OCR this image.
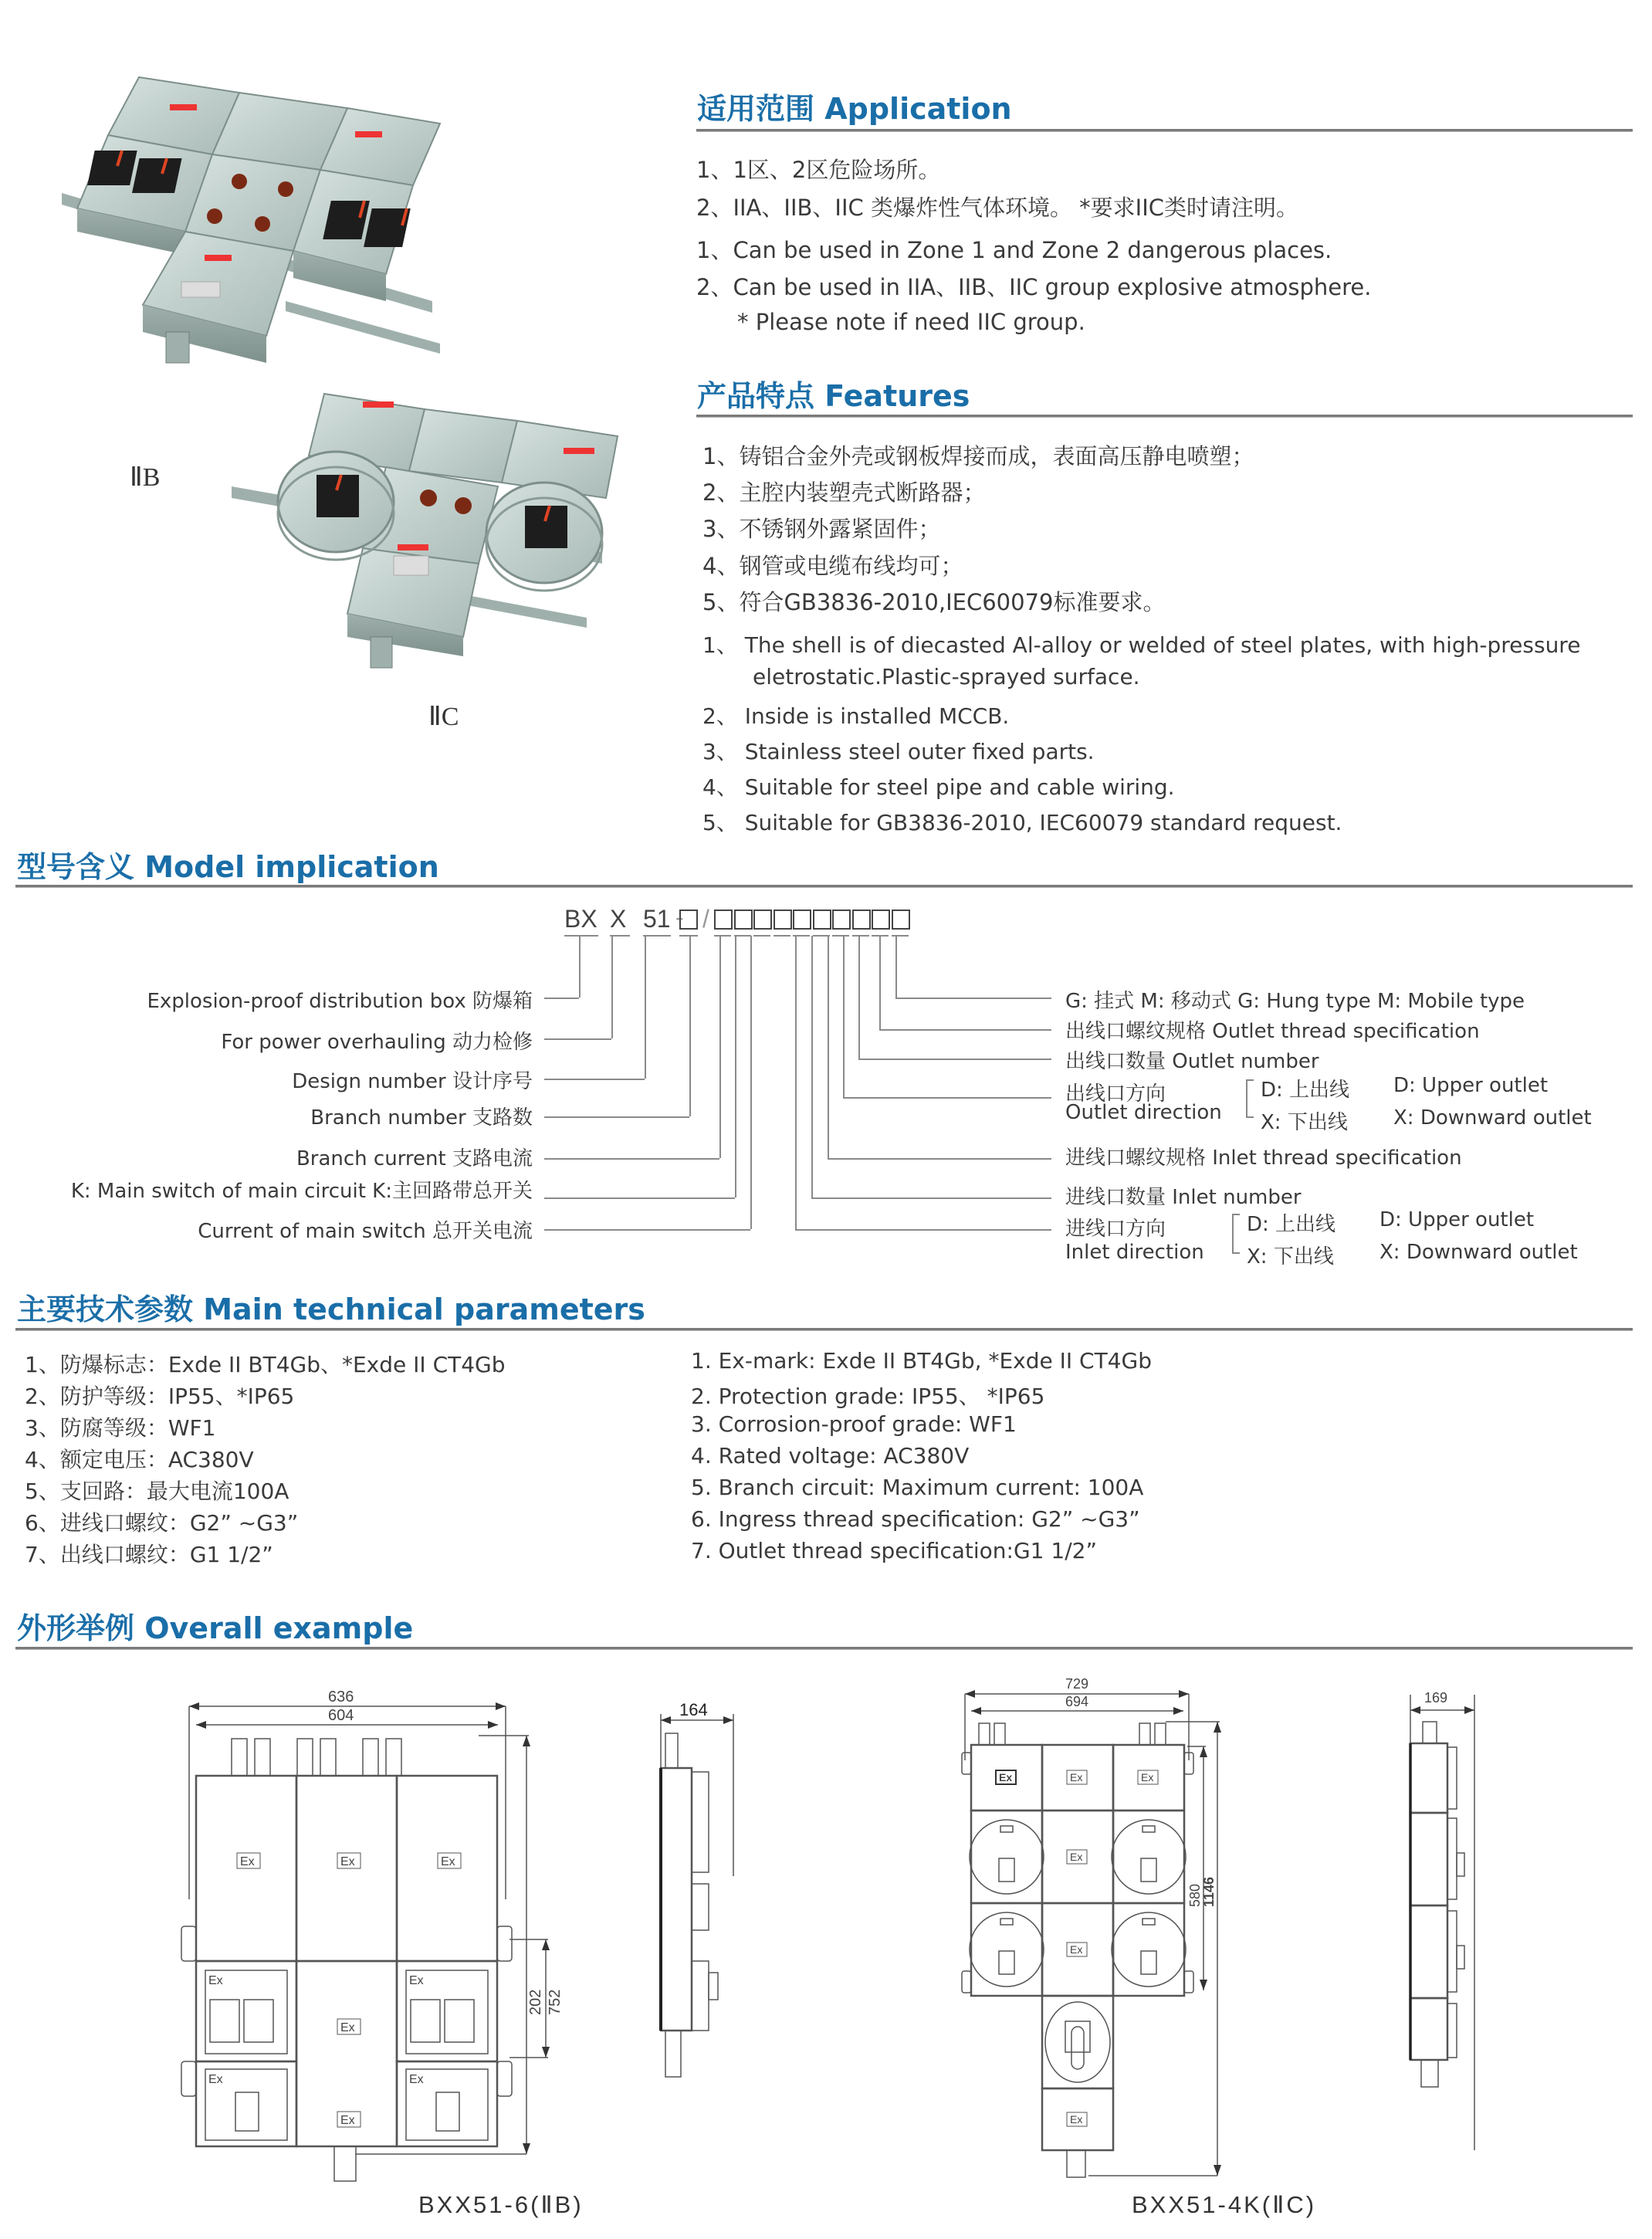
ⅡB
ⅡC
适用范围 Application
1、1区、2区危险场所。
2、IIA、IIB、IIC 类爆炸性气体环境。 *要求IIC类时请注明。
1、Can be used in Zone 1 and Zone 2 dangerous places.
2、Can be used in IIA、IIB、IIC group explosive atmosphere.
* Please note if need IIC group.
产品特点 Features
1、铸铝合金外壳或钢板焊接而成，表面高压静电喷塑；
2、主腔内装塑壳式断路器；
3、不锈钢外露紧固件；
4、钢管或电缆布线均可；
5、符合GB3836-2010,IEC60079标准要求。
1、 The shell is of diecasted Al-alloy or welded of steel plates, with high-pressure
eletrostatic.Plastic-sprayed surface.
2、 Inside is installed MCCB.
3、 Stainless steel outer fixed parts.
4、 Suitable for steel pipe and cable wiring.
5、 Suitable for GB3836-2010, IEC60079 standard request.
型号含义 Model implication
BX X 51 - /
Explosion-proof distribution box 防爆箱
For power overhauling 动力检修
Design number 设计序号
Branch number 支路数
Branch current 支路电流
K: Main switch of main circuit K:主回路带总开关
Current of main switch 总开关电流
G: 挂式 M: 移动式 G: Hung type M: Mobile type
出线口螺纹规格 Outlet thread specification
出线口数量 Outlet number
出线口方向
Outlet direction
D: 上出线 D: Upper outlet
X: 下出线 X: Downward outlet
进线口螺纹规格 Inlet thread specification
进线口数量 Inlet number
进线口方向
Inlet direction
D: 上出线 D: Upper outlet
X: 下出线 X: Downward outlet
主要技术参数 Main technical parameters
1、防爆标志：Exde II BT4Gb、*Exde II CT4Gb
2、防护等级：IP55、*IP65
3、防腐等级：WF1
4、额定电压：AC380V
5、支回路：最大电流100A
6、进线口螺纹：G2” ~G3”
7、出线口螺纹：G1 1/2”
1. Ex-mark: Exde II BT4Gb, *Exde II CT4Gb
2. Protection grade: IP55、 *IP65
3. Corrosion-proof grade: WF1
4. Rated voltage: AC380V
5. Branch circuit: Maximum current: 100A
6. Ingress thread specification: G2” ~G3”
7. Outlet thread specification:G1 1/2”
外形举例 Overall example
Ex	Ex	Ex
Ex
Ex
Ex	Ex
Ex	Ex
636
604
202 752
164
BXX51-6(ⅡB)
Ex	Ex	Ex
Ex
Ex
Ex
729
694
580
1146
169
BXX51-4K(ⅡC)
